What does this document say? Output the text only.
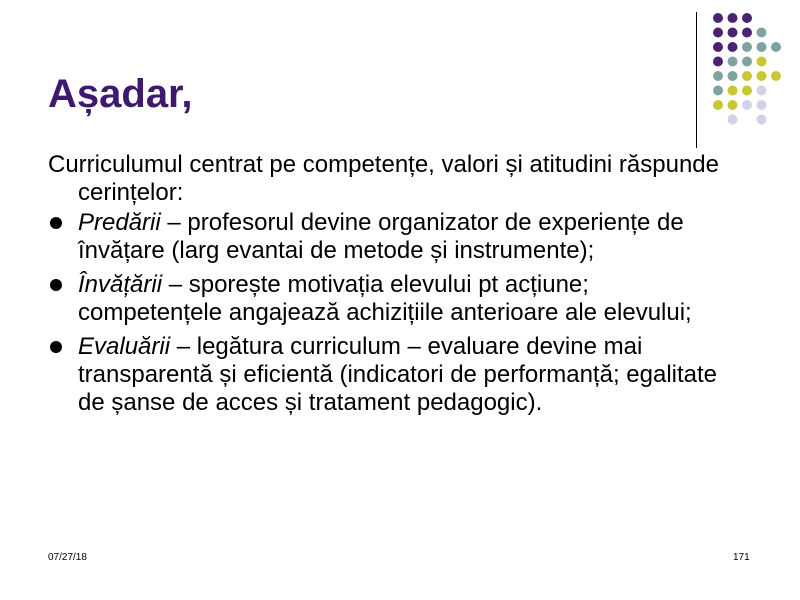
Așadar,

Curriculumul centrat pe competențe, valori și atitudini răspunde cerințelor:

Predării – profesorul devine organizator de experiențe de învățare (larg evantai de metode și instrumente);
Învățării – sporește motivația elevului pt acțiune; competențele angajează achizițiile anterioare ale elevului;
Evaluării – legătura curriculum – evaluare devine mai transparentă și eficientă (indicatori de performanță; egalitate de șanse de acces și tratament pedagogic).
07/27/18	171
